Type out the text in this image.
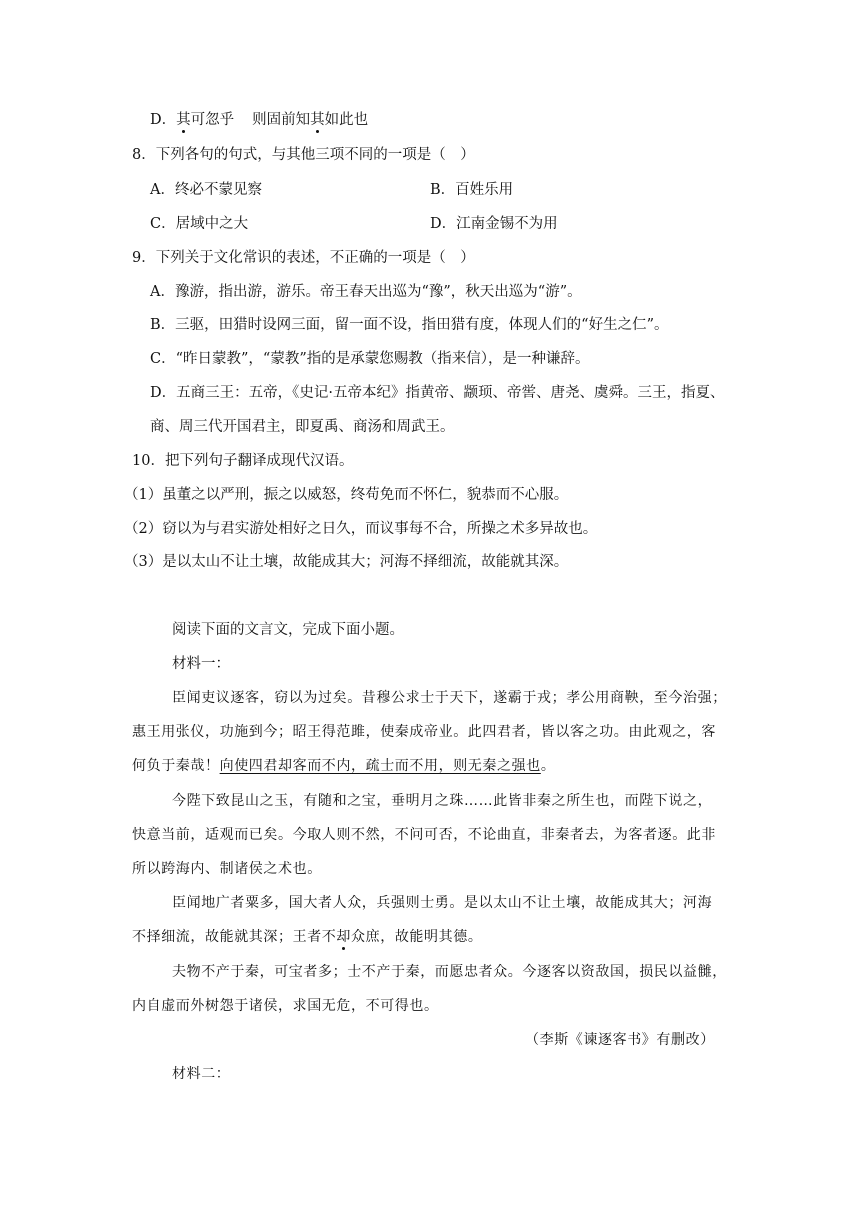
D．其可忽乎 则固前知其如此也
8．下列各句的句式，与其他三项不同的一项是（　）
A．终必不蒙见察	B．百姓乐用
C．居域中之大	D．江南金锡不为用
9．下列关于文化常识的表述，不正确的一项是（　）
A．豫游，指出游，游乐。帝王春天出巡为“豫”，秋天出巡为“游”。
B．三驱，田猎时设网三面，留一面不设，指田猎有度，体现人们的“好生之仁”。
C．“昨日蒙教”，“蒙教”指的是承蒙您赐教（指来信），是一种谦辞。
D．五商三王：五帝，《史记·五帝本纪》指黄帝、颛顼、帝喾、唐尧、虞舜。三王，指夏、
商、周三代开国君主，即夏禹、商汤和周武王。
10．把下列句子翻译成现代汉语。
（1）虽董之以严刑，振之以威怒，终苟免而不怀仁，貌恭而不心服。
（2）窃以为与君实游处相好之日久，而议事每不合，所操之术多异故也。
（3）是以太山不让土壤，故能成其大；河海不择细流，故能就其深。
阅读下面的文言文，完成下面小题。
材料一：
臣闻吏议逐客，窃以为过矣。昔穆公求士于天下，遂霸于戎；孝公用商鞅，至今治强；
惠王用张仪，功施到今；昭王得范雎，使秦成帝业。此四君者，皆以客之功。由此观之，客
何负于秦哉！向使四君却客而不内，疏士而不用，则无秦之强也。
今陛下致昆山之玉，有随和之宝，垂明月之珠……此皆非秦之所生也，而陛下说之，
快意当前，适观而已矣。今取人则不然，不问可否，不论曲直，非秦者去，为客者逐。此非
所以跨海内、制诸侯之术也。
臣闻地广者粟多，国大者人众，兵强则士勇。是以太山不让土壤，故能成其大；河海
不择细流，故能就其深；王者不却众庶，故能明其德。
夫物不产于秦，可宝者多；士不产于秦，而愿忠者众。今逐客以资敌国，损民以益雠，
内自虚而外树怨于诸侯，求国无危，不可得也。
（李斯《谏逐客书》有删改）
材料二：
